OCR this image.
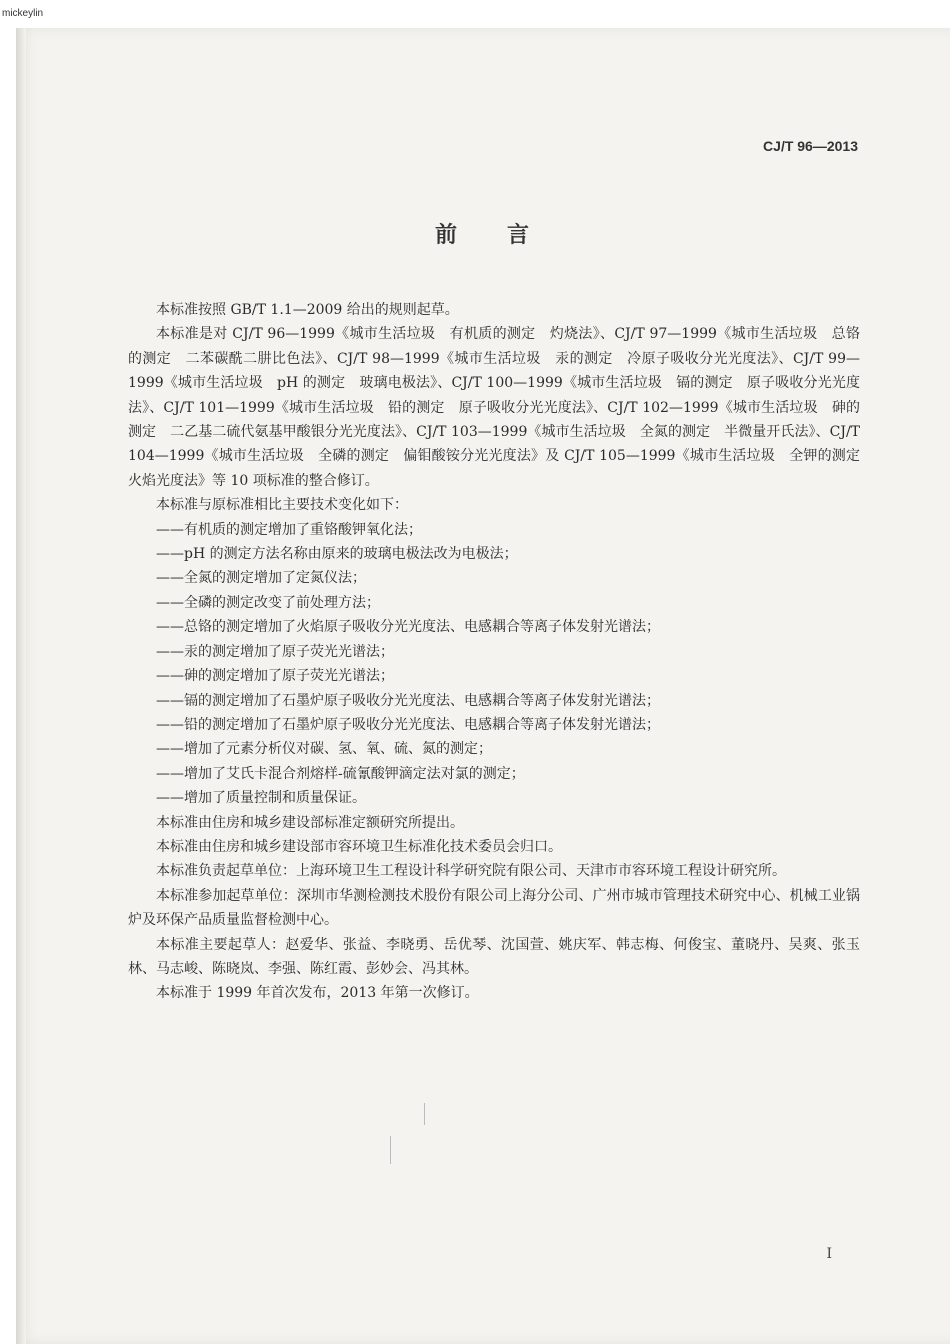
mickeylin
CJ/T 96—2013
前　　言

本标准按照 GB/T 1.1—2009 给出的规则起草。

本标准是对 CJ/T 96—1999《城市生活垃圾　有机质的测定　灼烧法》、CJ/T 97—1999《城市生活垃圾　总铬的测定　二苯碳酰二肼比色法》、CJ/T 98—1999《城市生活垃圾　汞的测定　冷原子吸收分光光度法》、CJ/T 99—1999《城市生活垃圾　pH 的测定　玻璃电极法》、CJ/T 100—1999《城市生活垃圾　镉的测定　原子吸收分光光度法》、CJ/T 101—1999《城市生活垃圾　铅的测定　原子吸收分光光度法》、CJ/T 102—1999《城市生活垃圾　砷的测定　二乙基二硫代氨基甲酸银分光光度法》、CJ/T 103—1999《城市生活垃圾　全氮的测定　半微量开氏法》、CJ/T 104—1999《城市生活垃圾　全磷的测定　偏钼酸铵分光光度法》及 CJ/T 105—1999《城市生活垃圾　全钾的测定　火焰光度法》等 10 项标准的整合修订。

本标准与原标准相比主要技术变化如下：

——有机质的测定增加了重铬酸钾氧化法；

——pH 的测定方法名称由原来的玻璃电极法改为电极法；

——全氮的测定增加了定氮仪法；

——全磷的测定改变了前处理方法；

——总铬的测定增加了火焰原子吸收分光光度法、电感耦合等离子体发射光谱法；

——汞的测定增加了原子荧光光谱法；

——砷的测定增加了原子荧光光谱法；

——镉的测定增加了石墨炉原子吸收分光光度法、电感耦合等离子体发射光谱法；

——铅的测定增加了石墨炉原子吸收分光光度法、电感耦合等离子体发射光谱法；

——增加了元素分析仪对碳、氢、氧、硫、氮的测定；

——增加了艾氏卡混合剂熔样-硫氰酸钾滴定法对氯的测定；

——增加了质量控制和质量保证。

本标准由住房和城乡建设部标准定额研究所提出。

本标准由住房和城乡建设部市容环境卫生标准化技术委员会归口。

本标准负责起草单位：上海环境卫生工程设计科学研究院有限公司、天津市市容环境工程设计研究所。

本标准参加起草单位：深圳市华测检测技术股份有限公司上海分公司、广州市城市管理技术研究中心、机械工业锅炉及环保产品质量监督检测中心。

本标准主要起草人：赵爱华、张益、李晓勇、岳优琴、沈国萱、姚庆军、韩志梅、何俊宝、董晓丹、吴爽、张玉林、马志峻、陈晓岚、李强、陈红霞、彭妙会、冯其林。

本标准于 1999 年首次发布，2013 年第一次修订。

I
